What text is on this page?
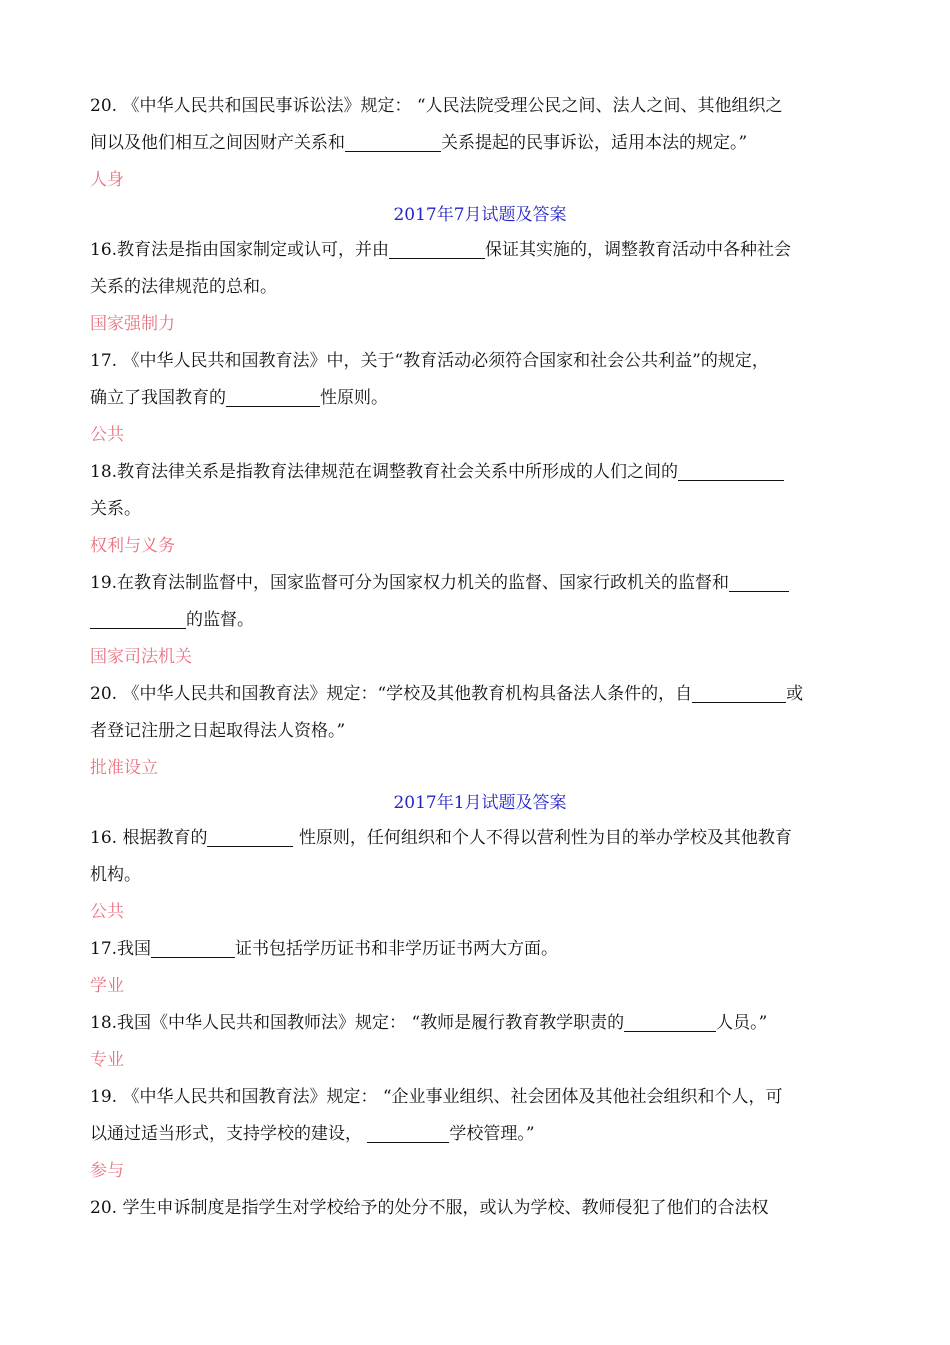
20. 《中华人民共和国民事诉讼法》规定： “人民法院受理公民之间、法人之间、其他组织之
间以及他们相互之间因财产关系和	关系提起的民事诉讼，适用本法的规定。”
人身
2017年7月试题及答案
16.教育法是指由国家制定或认可，并由	保证其实施的，调整教育活动中各种社会
关系的法律规范的总和。
国家强制力
17. 《中华人民共和国教育法》中，关于“教育活动必须符合国家和社会公共利益”的规定，
确立了我国教育的	性原则。
公共
18.教育法律关系是指教育法律规范在调整教育社会关系中所形成的人们之间的
关系。
权利与义务
19.在教育法制监督中，国家监督可分为国家权力机关的监督、国家行政机关的监督和
的监督。
国家司法机关
20. 《中华人民共和国教育法》规定：“学校及其他教育机构具备法人条件的，自	或
者登记注册之日起取得法人资格。”
批准设立
2017年1月试题及答案
16. 根据教育的	性原则，任何组织和个人不得以营利性为目的举办学校及其他教育
机构。
公共
17.我国	证书包括学历证书和非学历证书两大方面。
学业
18.我国《中华人民共和国教师法》规定： “教师是履行教育教学职责的	人员。”
专业
19. 《中华人民共和国教育法》规定： “企业事业组织、社会团体及其他社会组织和个人，可
以通过适当形式，支持学校的建设，	学校管理。”
参与
20. 学生申诉制度是指学生对学校给予的处分不服，或认为学校、教师侵犯了他们的合法权
